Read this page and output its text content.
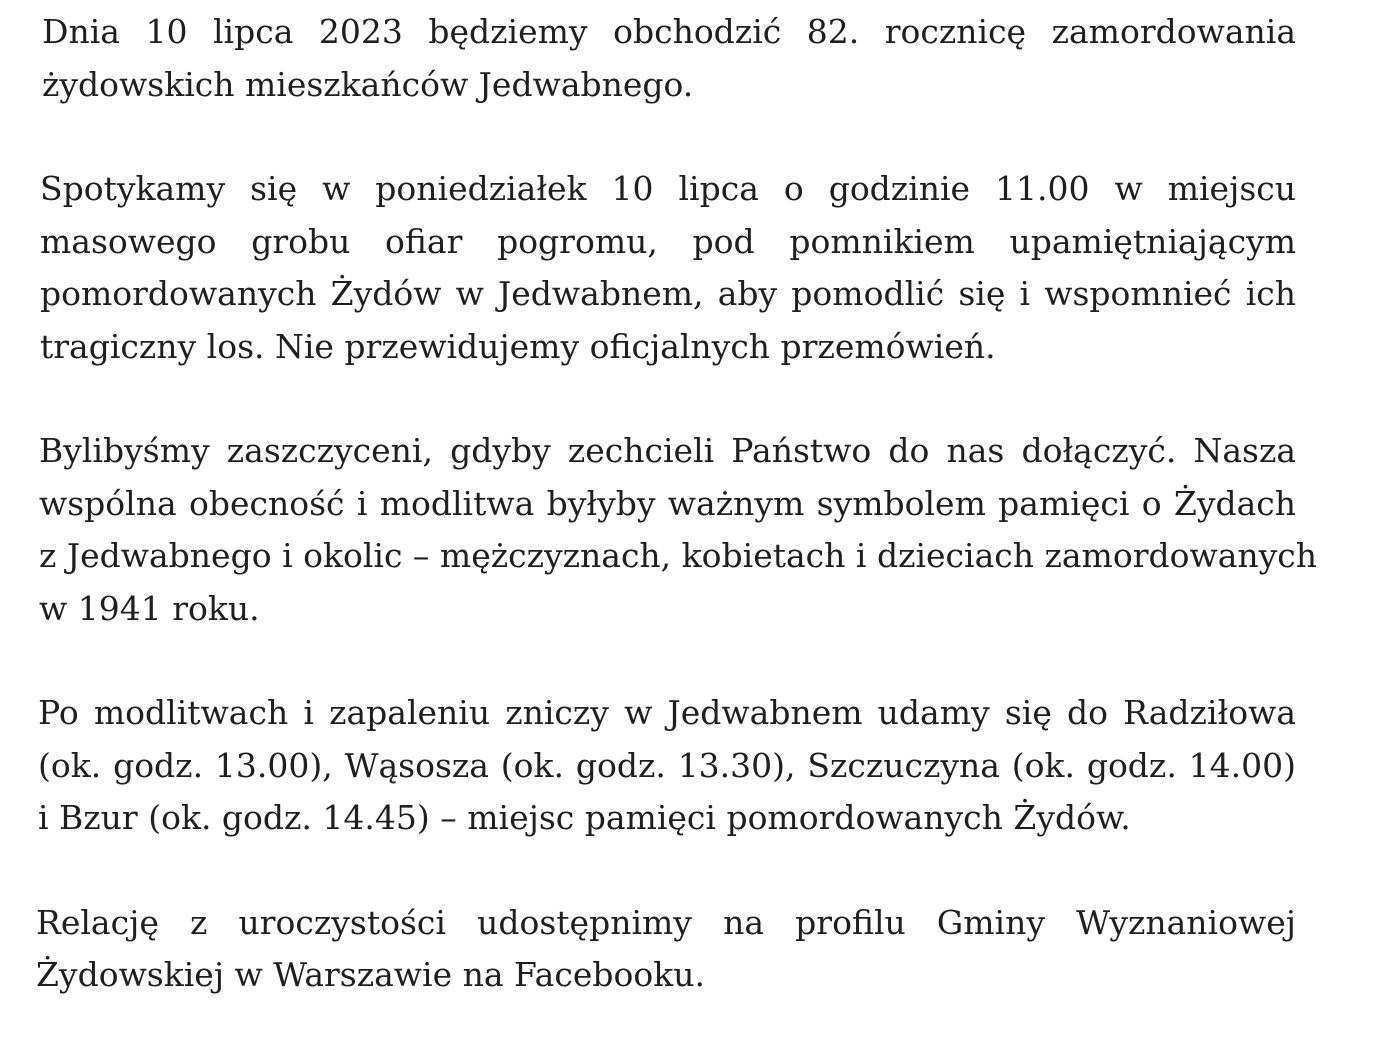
Dnia 10 lipca 2023 będziemy obchodzić 82. rocznicę zamordowania
żydowskich mieszkańców Jedwabnego.
Spotykamy się w poniedziałek 10 lipca o godzinie 11.00 w miejscu
masowego grobu ofiar pogromu, pod pomnikiem upamiętniającym
pomordowanych Żydów w Jedwabnem, aby pomodlić się i wspomnieć ich
tragiczny los. Nie przewidujemy oficjalnych przemówień.
Bylibyśmy zaszczyceni, gdyby zechcieli Państwo do nas dołączyć. Nasza
wspólna obecność i modlitwa byłyby ważnym symbolem pamięci o Żydach
z Jedwabnego i okolic – mężczyznach, kobietach i dzieciach zamordowanych
w 1941 roku.
Po modlitwach i zapaleniu zniczy w Jedwabnem udamy się do Radziłowa
(ok. godz. 13.00), Wąsosza (ok. godz. 13.30), Szczuczyna (ok. godz. 14.00)
i Bzur (ok. godz. 14.45) – miejsc pamięci pomordowanych Żydów.
Relację z uroczystości udostępnimy na profilu Gminy Wyznaniowej
Żydowskiej w Warszawie na Facebooku.
